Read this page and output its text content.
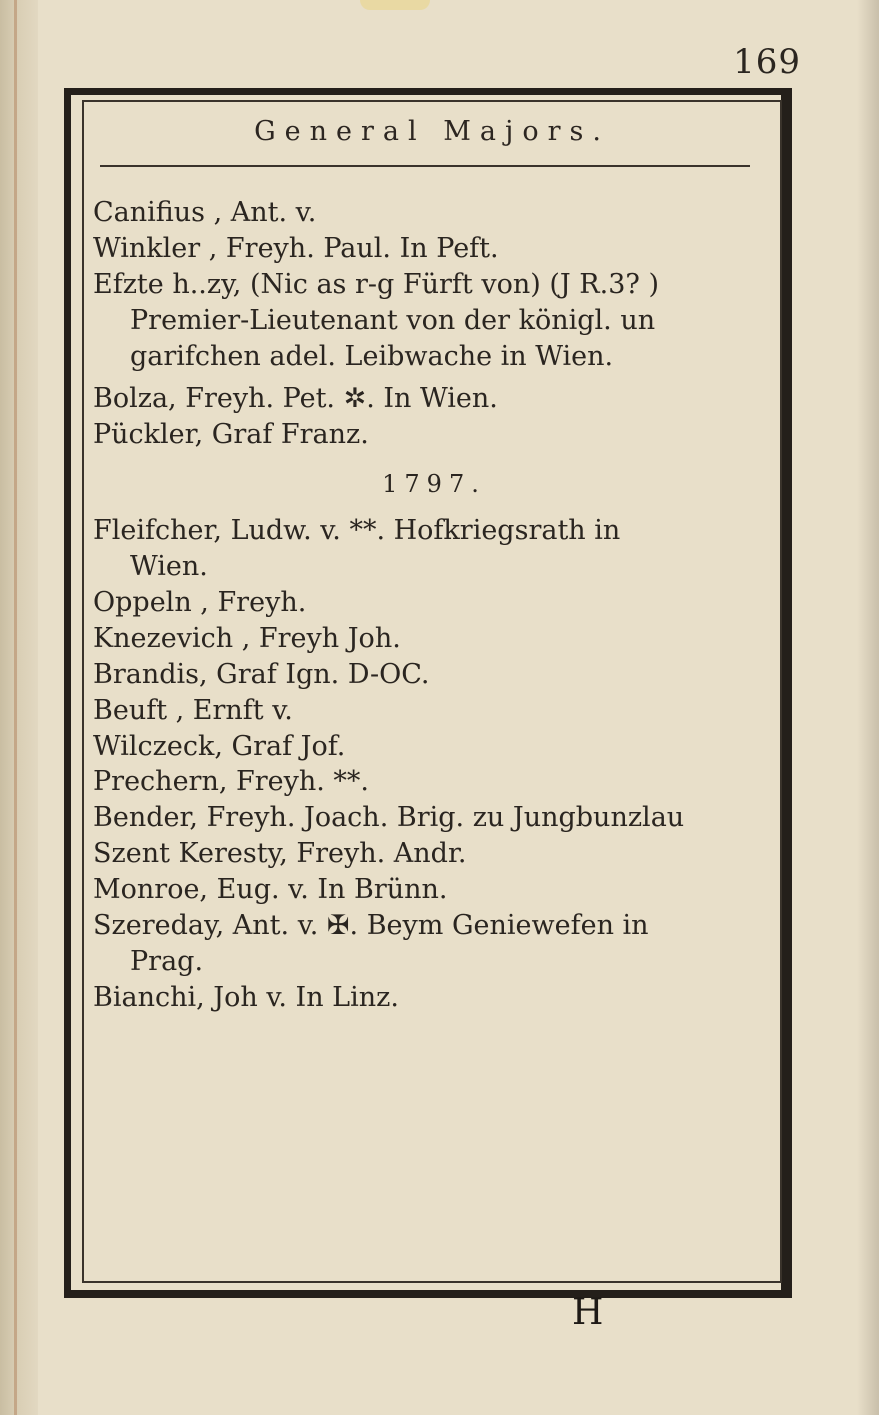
169
General Majors.
Canifius , Ant. v.
Winkler , Freyh. Paul. In Peft.
Efzte h..zy, (Nic as r-g Fürft von) (J R.3? )
Premier-Lieutenant von der königl. un
garifchen adel. Leibwache in Wien.
Bolza, Freyh. Pet. ✲. In Wien.
Pückler, Graf Franz.
1797.
Fleifcher, Ludw. v. **. Hofkriegsrath in
Wien.
Oppeln , Freyh.
Knezevich , Freyh Joh.
Brandis, Graf Ign. D-OC.
Beuft , Ernft v.
Wilczeck, Graf Jof.
Prechern, Freyh. **.
Bender, Freyh. Joach. Brig. zu Jungbunzlau
Szent Keresty, Freyh. Andr.
Monroe, Eug. v. In Brünn.
Szereday, Ant. v. ✠. Beym Geniewefen in
Prag.
Bianchi, Joh v. In Linz.
H
